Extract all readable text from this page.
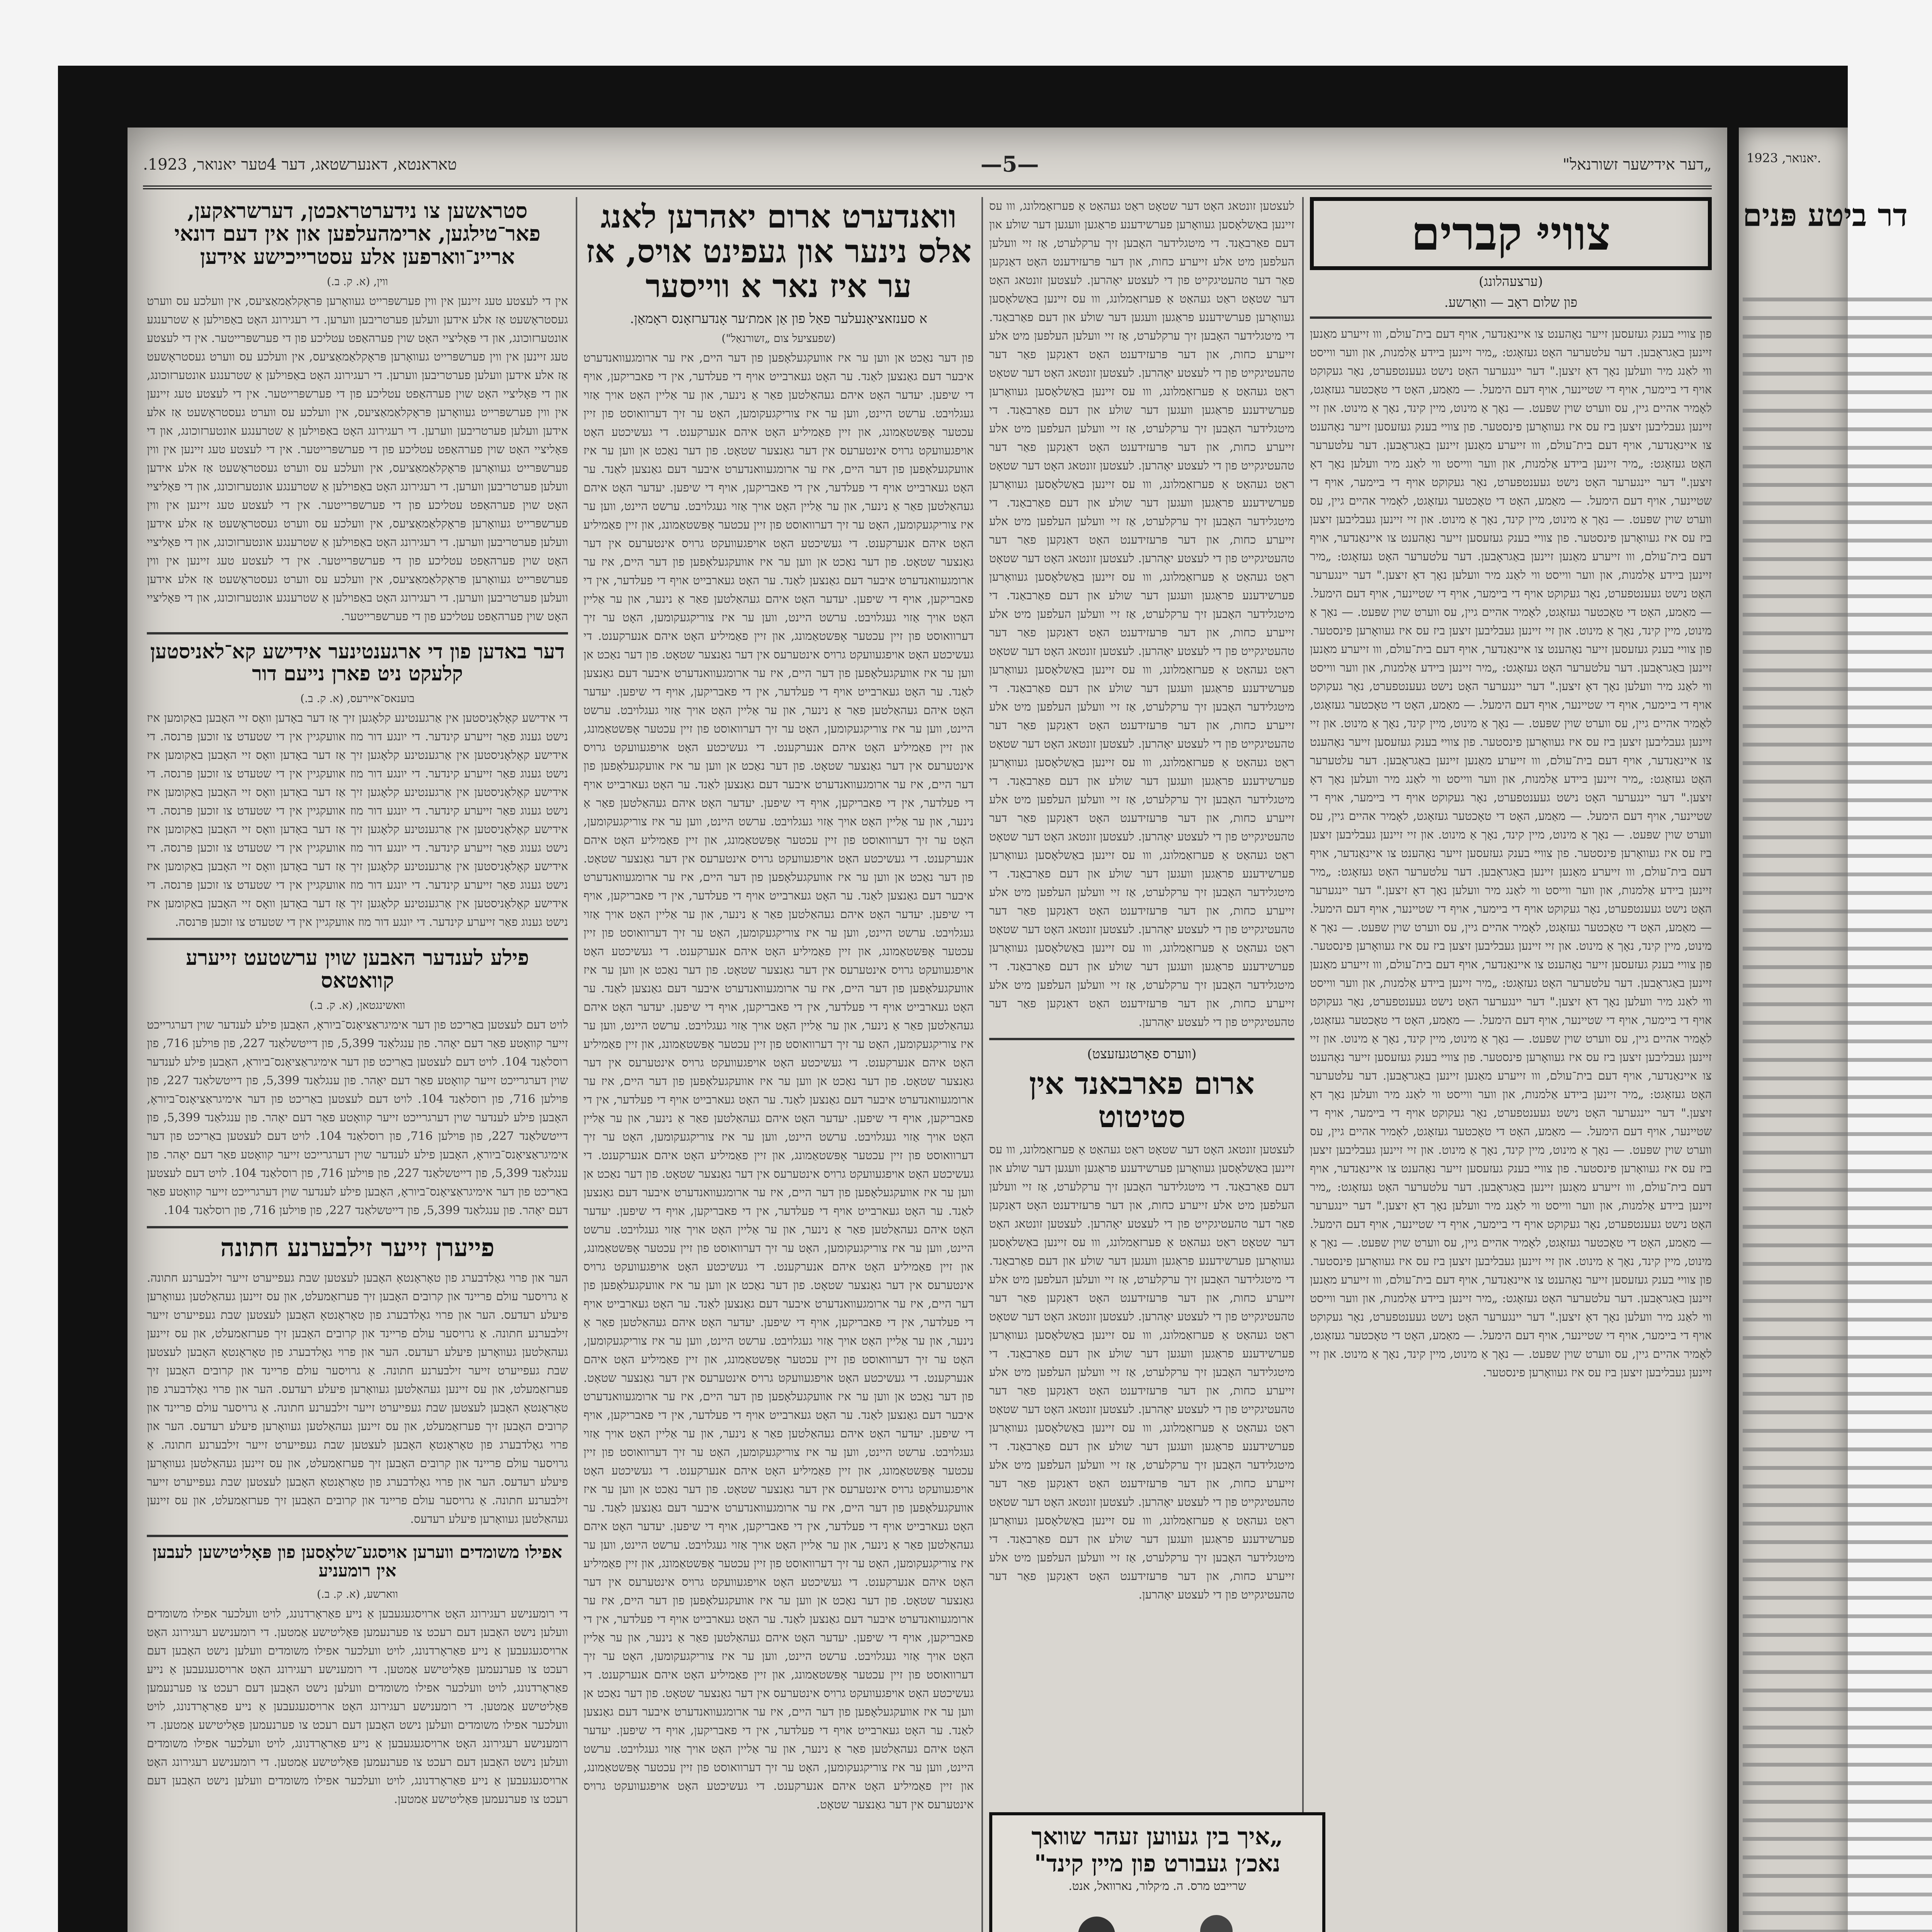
„דער אידישער זשורנאל"
—5—
טאראנטא, דאנערשטאג, דער 4טער יאנואר, 1923.
צווייּ קברים
(ערצעהלונג)
פון שלום ראָב — וואַרשע.
פון צווייּ בענק געזעסען זייער נאָהענט צו איינאַנדער, אויף דעם בית־עולם, ווו זייערע מאַנען זיינען באַגראָבען. דער עלטערער האָט געזאָגט: „מיר זיינען ביידע אַלמנות, און ווער ווייסט ווי לאַנג מיר וועלען נאָך דאָ זיצען." דער יינגערער האָט נישט געענטפערט, נאָר געקוקט אויף די ביימער, אויף די שטיינער, אויף דעם הימעל. — מאַמע, האָט די טאָכטער געזאָגט, לאָמיר אהיים גיין, עס ווערט שוין שפּעט. — נאָך אַ מינוט, מיין קינד, נאָך אַ מינוט. און זיי זיינען געבליבען זיצען ביז עס איז געוואָרען פינסטער. פון צווייּ בענק געזעסען זייער נאָהענט צו איינאַנדער, אויף דעם בית־עולם, ווו זייערע מאַנען זיינען באַגראָבען. דער עלטערער האָט געזאָגט: „מיר זיינען ביידע אַלמנות, און ווער ווייסט ווי לאַנג מיר וועלען נאָך דאָ זיצען." דער יינגערער האָט נישט געענטפערט, נאָר געקוקט אויף די ביימער, אויף די שטיינער, אויף דעם הימעל. — מאַמע, האָט די טאָכטער געזאָגט, לאָמיר אהיים גיין, עס ווערט שוין שפּעט. — נאָך אַ מינוט, מיין קינד, נאָך אַ מינוט. און זיי זיינען געבליבען זיצען ביז עס איז געוואָרען פינסטער. פון צווייּ בענק געזעסען זייער נאָהענט צו איינאַנדער, אויף דעם בית־עולם, ווו זייערע מאַנען זיינען באַגראָבען. דער עלטערער האָט געזאָגט: „מיר זיינען ביידע אַלמנות, און ווער ווייסט ווי לאַנג מיר וועלען נאָך דאָ זיצען." דער יינגערער האָט נישט געענטפערט, נאָר געקוקט אויף די ביימער, אויף די שטיינער, אויף דעם הימעל. — מאַמע, האָט די טאָכטער געזאָגט, לאָמיר אהיים גיין, עס ווערט שוין שפּעט. — נאָך אַ מינוט, מיין קינד, נאָך אַ מינוט. און זיי זיינען געבליבען זיצען ביז עס איז געוואָרען פינסטער. פון צווייּ בענק געזעסען זייער נאָהענט צו איינאַנדער, אויף דעם בית־עולם, ווו זייערע מאַנען זיינען באַגראָבען. דער עלטערער האָט געזאָגט: „מיר זיינען ביידע אַלמנות, און ווער ווייסט ווי לאַנג מיר וועלען נאָך דאָ זיצען." דער יינגערער האָט נישט געענטפערט, נאָר געקוקט אויף די ביימער, אויף די שטיינער, אויף דעם הימעל. — מאַמע, האָט די טאָכטער געזאָגט, לאָמיר אהיים גיין, עס ווערט שוין שפּעט. — נאָך אַ מינוט, מיין קינד, נאָך אַ מינוט. און זיי זיינען געבליבען זיצען ביז עס איז געוואָרען פינסטער. פון צווייּ בענק געזעסען זייער נאָהענט צו איינאַנדער, אויף דעם בית־עולם, ווו זייערע מאַנען זיינען באַגראָבען. דער עלטערער האָט געזאָגט: „מיר זיינען ביידע אַלמנות, און ווער ווייסט ווי לאַנג מיר וועלען נאָך דאָ זיצען." דער יינגערער האָט נישט געענטפערט, נאָר געקוקט אויף די ביימער, אויף די שטיינער, אויף דעם הימעל. — מאַמע, האָט די טאָכטער געזאָגט, לאָמיר אהיים גיין, עס ווערט שוין שפּעט. — נאָך אַ מינוט, מיין קינד, נאָך אַ מינוט. און זיי זיינען געבליבען זיצען ביז עס איז געוואָרען פינסטער. פון צווייּ בענק געזעסען זייער נאָהענט צו איינאַנדער, אויף דעם בית־עולם, ווו זייערע מאַנען זיינען באַגראָבען. דער עלטערער האָט געזאָגט: „מיר זיינען ביידע אַלמנות, און ווער ווייסט ווי לאַנג מיר וועלען נאָך דאָ זיצען." דער יינגערער האָט נישט געענטפערט, נאָר געקוקט אויף די ביימער, אויף די שטיינער, אויף דעם הימעל. — מאַמע, האָט די טאָכטער געזאָגט, לאָמיר אהיים גיין, עס ווערט שוין שפּעט. — נאָך אַ מינוט, מיין קינד, נאָך אַ מינוט. און זיי זיינען געבליבען זיצען ביז עס איז געוואָרען פינסטער. פון צווייּ בענק געזעסען זייער נאָהענט צו איינאַנדער, אויף דעם בית־עולם, ווו זייערע מאַנען זיינען באַגראָבען. דער עלטערער האָט געזאָגט: „מיר זיינען ביידע אַלמנות, און ווער ווייסט ווי לאַנג מיר וועלען נאָך דאָ זיצען." דער יינגערער האָט נישט געענטפערט, נאָר געקוקט אויף די ביימער, אויף די שטיינער, אויף דעם הימעל. — מאַמע, האָט די טאָכטער געזאָגט, לאָמיר אהיים גיין, עס ווערט שוין שפּעט. — נאָך אַ מינוט, מיין קינד, נאָך אַ מינוט. און זיי זיינען געבליבען זיצען ביז עס איז געוואָרען פינסטער. פון צווייּ בענק געזעסען זייער נאָהענט צו איינאַנדער, אויף דעם בית־עולם, ווו זייערע מאַנען זיינען באַגראָבען. דער עלטערער האָט געזאָגט: „מיר זיינען ביידע אַלמנות, און ווער ווייסט ווי לאַנג מיר וועלען נאָך דאָ זיצען." דער יינגערער האָט נישט געענטפערט, נאָר געקוקט אויף די ביימער, אויף די שטיינער, אויף דעם הימעל. — מאַמע, האָט די טאָכטער געזאָגט, לאָמיר אהיים גיין, עס ווערט שוין שפּעט. — נאָך אַ מינוט, מיין קינד, נאָך אַ מינוט. און זיי זיינען געבליבען זיצען ביז עס איז געוואָרען פינסטער. פון צווייּ בענק געזעסען זייער נאָהענט צו איינאַנדער, אויף דעם בית־עולם, ווו זייערע מאַנען זיינען באַגראָבען. דער עלטערער האָט געזאָגט: „מיר זיינען ביידע אַלמנות, און ווער ווייסט ווי לאַנג מיר וועלען נאָך דאָ זיצען." דער יינגערער האָט נישט געענטפערט, נאָר געקוקט אויף די ביימער, אויף די שטיינער, אויף דעם הימעל. — מאַמע, האָט די טאָכטער געזאָגט, לאָמיר אהיים גיין, עס ווערט שוין שפּעט. — נאָך אַ מינוט, מיין קינד, נאָך אַ מינוט. און זיי זיינען געבליבען זיצען ביז עס איז געוואָרען פינסטער. פון צווייּ בענק געזעסען זייער נאָהענט צו איינאַנדער, אויף דעם בית־עולם, ווו זייערע מאַנען זיינען באַגראָבען. דער עלטערער האָט געזאָגט: „מיר זיינען ביידע אַלמנות, און ווער ווייסט ווי לאַנג מיר וועלען נאָך דאָ זיצען." דער יינגערער האָט נישט געענטפערט, נאָר געקוקט אויף די ביימער, אויף די שטיינער, אויף דעם הימעל. — מאַמע, האָט די טאָכטער געזאָגט, לאָמיר אהיים גיין, עס ווערט שוין שפּעט. — נאָך אַ מינוט, מיין קינד, נאָך אַ מינוט. און זיי זיינען געבליבען זיצען ביז עס איז געוואָרען פינסטער.
לעצטען זונטאג האָט דער שטאָט ראַט געהאַט אַ פערזאַמלונג, ווו עס זיינען באַשלאָסען געוואָרען פערשידענע פראַגען וועגען דער שולע און דעם פאַרבאַנד. די מיטגלידער האָבען זיך ערקלערט, אַז זיי וועלען העלפען מיט אלע זייערע כחות, און דער פּרעזידענט האָט דאַנקען פאַר דער טהעטיגקייט פון די לעצטע יאָהרען. לעצטען זונטאג האָט דער שטאָט ראַט געהאַט אַ פערזאַמלונג, ווו עס זיינען באַשלאָסען געוואָרען פערשידענע פראַגען וועגען דער שולע און דעם פאַרבאַנד. די מיטגלידער האָבען זיך ערקלערט, אַז זיי וועלען העלפען מיט אלע זייערע כחות, און דער פּרעזידענט האָט דאַנקען פאַר דער טהעטיגקייט פון די לעצטע יאָהרען. לעצטען זונטאג האָט דער שטאָט ראַט געהאַט אַ פערזאַמלונג, ווו עס זיינען באַשלאָסען געוואָרען פערשידענע פראַגען וועגען דער שולע און דעם פאַרבאַנד. די מיטגלידער האָבען זיך ערקלערט, אַז זיי וועלען העלפען מיט אלע זייערע כחות, און דער פּרעזידענט האָט דאַנקען פאַר דער טהעטיגקייט פון די לעצטע יאָהרען. לעצטען זונטאג האָט דער שטאָט ראַט געהאַט אַ פערזאַמלונג, ווו עס זיינען באַשלאָסען געוואָרען פערשידענע פראַגען וועגען דער שולע און דעם פאַרבאַנד. די מיטגלידער האָבען זיך ערקלערט, אַז זיי וועלען העלפען מיט אלע זייערע כחות, און דער פּרעזידענט האָט דאַנקען פאַר דער טהעטיגקייט פון די לעצטע יאָהרען. לעצטען זונטאג האָט דער שטאָט ראַט געהאַט אַ פערזאַמלונג, ווו עס זיינען באַשלאָסען געוואָרען פערשידענע פראַגען וועגען דער שולע און דעם פאַרבאַנד. די מיטגלידער האָבען זיך ערקלערט, אַז זיי וועלען העלפען מיט אלע זייערע כחות, און דער פּרעזידענט האָט דאַנקען פאַר דער טהעטיגקייט פון די לעצטע יאָהרען. לעצטען זונטאג האָט דער שטאָט ראַט געהאַט אַ פערזאַמלונג, ווו עס זיינען באַשלאָסען געוואָרען פערשידענע פראַגען וועגען דער שולע און דעם פאַרבאַנד. די מיטגלידער האָבען זיך ערקלערט, אַז זיי וועלען העלפען מיט אלע זייערע כחות, און דער פּרעזידענט האָט דאַנקען פאַר דער טהעטיגקייט פון די לעצטע יאָהרען. לעצטען זונטאג האָט דער שטאָט ראַט געהאַט אַ פערזאַמלונג, ווו עס זיינען באַשלאָסען געוואָרען פערשידענע פראַגען וועגען דער שולע און דעם פאַרבאַנד. די מיטגלידער האָבען זיך ערקלערט, אַז זיי וועלען העלפען מיט אלע זייערע כחות, און דער פּרעזידענט האָט דאַנקען פאַר דער טהעטיגקייט פון די לעצטע יאָהרען. לעצטען זונטאג האָט דער שטאָט ראַט געהאַט אַ פערזאַמלונג, ווו עס זיינען באַשלאָסען געוואָרען פערשידענע פראַגען וועגען דער שולע און דעם פאַרבאַנד. די מיטגלידער האָבען זיך ערקלערט, אַז זיי וועלען העלפען מיט אלע זייערע כחות, און דער פּרעזידענט האָט דאַנקען פאַר דער טהעטיגקייט פון די לעצטע יאָהרען. לעצטען זונטאג האָט דער שטאָט ראַט געהאַט אַ פערזאַמלונג, ווו עס זיינען באַשלאָסען געוואָרען פערשידענע פראַגען וועגען דער שולע און דעם פאַרבאַנד. די מיטגלידער האָבען זיך ערקלערט, אַז זיי וועלען העלפען מיט אלע זייערע כחות, און דער פּרעזידענט האָט דאַנקען פאַר דער טהעטיגקייט פון די לעצטע יאָהרען.
(ווערס פאָרטגעזעצט)
ארום פארבאנד אין סטיטוט
לעצטען זונטאג האָט דער שטאָט ראַט געהאַט אַ פערזאַמלונג, ווו עס זיינען באַשלאָסען געוואָרען פערשידענע פראַגען וועגען דער שולע און דעם פאַרבאַנד. די מיטגלידער האָבען זיך ערקלערט, אַז זיי וועלען העלפען מיט אלע זייערע כחות, און דער פּרעזידענט האָט דאַנקען פאַר דער טהעטיגקייט פון די לעצטע יאָהרען. לעצטען זונטאג האָט דער שטאָט ראַט געהאַט אַ פערזאַמלונג, ווו עס זיינען באַשלאָסען געוואָרען פערשידענע פראַגען וועגען דער שולע און דעם פאַרבאַנד. די מיטגלידער האָבען זיך ערקלערט, אַז זיי וועלען העלפען מיט אלע זייערע כחות, און דער פּרעזידענט האָט דאַנקען פאַר דער טהעטיגקייט פון די לעצטע יאָהרען. לעצטען זונטאג האָט דער שטאָט ראַט געהאַט אַ פערזאַמלונג, ווו עס זיינען באַשלאָסען געוואָרען פערשידענע פראַגען וועגען דער שולע און דעם פאַרבאַנד. די מיטגלידער האָבען זיך ערקלערט, אַז זיי וועלען העלפען מיט אלע זייערע כחות, און דער פּרעזידענט האָט דאַנקען פאַר דער טהעטיגקייט פון די לעצטע יאָהרען. לעצטען זונטאג האָט דער שטאָט ראַט געהאַט אַ פערזאַמלונג, ווו עס זיינען באַשלאָסען געוואָרען פערשידענע פראַגען וועגען דער שולע און דעם פאַרבאַנד. די מיטגלידער האָבען זיך ערקלערט, אַז זיי וועלען העלפען מיט אלע זייערע כחות, און דער פּרעזידענט האָט דאַנקען פאַר דער טהעטיגקייט פון די לעצטע יאָהרען. לעצטען זונטאג האָט דער שטאָט ראַט געהאַט אַ פערזאַמלונג, ווו עס זיינען באַשלאָסען געוואָרען פערשידענע פראַגען וועגען דער שולע און דעם פאַרבאַנד. די מיטגלידער האָבען זיך ערקלערט, אַז זיי וועלען העלפען מיט אלע זייערע כחות, און דער פּרעזידענט האָט דאַנקען פאַר דער טהעטיגקייט פון די לעצטע יאָהרען.
וואנדערט ארום יאהרען לאנג אלס נינער און געפינט אויס, אז ער איז נאר א ווייסער
א סענזאציאָנעלער פאַל פון אַן אמת׳ער אָנדערזאָנס ראָמאַן.
(שפעציעל צום „זשורנאַל")
פון דער נאַכט אן ווען ער איז אוועקגעלאָפען פון דער היים, איז ער ארומגעוואנדערט איבער דעם גאַנצען לאַנד. ער האָט געארבייט אויף די פעלדער, אין די פאבריקען, אויף די שיפען. יעדער האָט איהם געהאַלטען פאַר אַ נינער, און ער אַליין האָט אויך אַזוי געגלויבט. ערשט היינט, ווען ער איז צוריקגעקומען, האָט ער זיך דערוואוסט פון זיין עכטער אָפּשטאַמונג, און זיין פאַמיליע האָט איהם אנערקענט. די געשיכטע האָט אויפגעוועקט גרויס אינטערעס אין דער גאַנצער שטאָט. פון דער נאַכט אן ווען ער איז אוועקגעלאָפען פון דער היים, איז ער ארומגעוואנדערט איבער דעם גאַנצען לאַנד. ער האָט געארבייט אויף די פעלדער, אין די פאבריקען, אויף די שיפען. יעדער האָט איהם געהאַלטען פאַר אַ נינער, און ער אַליין האָט אויך אַזוי געגלויבט. ערשט היינט, ווען ער איז צוריקגעקומען, האָט ער זיך דערוואוסט פון זיין עכטער אָפּשטאַמונג, און זיין פאַמיליע האָט איהם אנערקענט. די געשיכטע האָט אויפגעוועקט גרויס אינטערעס אין דער גאַנצער שטאָט. פון דער נאַכט אן ווען ער איז אוועקגעלאָפען פון דער היים, איז ער ארומגעוואנדערט איבער דעם גאַנצען לאַנד. ער האָט געארבייט אויף די פעלדער, אין די פאבריקען, אויף די שיפען. יעדער האָט איהם געהאַלטען פאַר אַ נינער, און ער אַליין האָט אויך אַזוי געגלויבט. ערשט היינט, ווען ער איז צוריקגעקומען, האָט ער זיך דערוואוסט פון זיין עכטער אָפּשטאַמונג, און זיין פאַמיליע האָט איהם אנערקענט. די געשיכטע האָט אויפגעוועקט גרויס אינטערעס אין דער גאַנצער שטאָט. פון דער נאַכט אן ווען ער איז אוועקגעלאָפען פון דער היים, איז ער ארומגעוואנדערט איבער דעם גאַנצען לאַנד. ער האָט געארבייט אויף די פעלדער, אין די פאבריקען, אויף די שיפען. יעדער האָט איהם געהאַלטען פאַר אַ נינער, און ער אַליין האָט אויך אַזוי געגלויבט. ערשט היינט, ווען ער איז צוריקגעקומען, האָט ער זיך דערוואוסט פון זיין עכטער אָפּשטאַמונג, און זיין פאַמיליע האָט איהם אנערקענט. די געשיכטע האָט אויפגעוועקט גרויס אינטערעס אין דער גאַנצער שטאָט. פון דער נאַכט אן ווען ער איז אוועקגעלאָפען פון דער היים, איז ער ארומגעוואנדערט איבער דעם גאַנצען לאַנד. ער האָט געארבייט אויף די פעלדער, אין די פאבריקען, אויף די שיפען. יעדער האָט איהם געהאַלטען פאַר אַ נינער, און ער אַליין האָט אויך אַזוי געגלויבט. ערשט היינט, ווען ער איז צוריקגעקומען, האָט ער זיך דערוואוסט פון זיין עכטער אָפּשטאַמונג, און זיין פאַמיליע האָט איהם אנערקענט. די געשיכטע האָט אויפגעוועקט גרויס אינטערעס אין דער גאַנצער שטאָט. פון דער נאַכט אן ווען ער איז אוועקגעלאָפען פון דער היים, איז ער ארומגעוואנדערט איבער דעם גאַנצען לאַנד. ער האָט געארבייט אויף די פעלדער, אין די פאבריקען, אויף די שיפען. יעדער האָט איהם געהאַלטען פאַר אַ נינער, און ער אַליין האָט אויך אַזוי געגלויבט. ערשט היינט, ווען ער איז צוריקגעקומען, האָט ער זיך דערוואוסט פון זיין עכטער אָפּשטאַמונג, און זיין פאַמיליע האָט איהם אנערקענט. די געשיכטע האָט אויפגעוועקט גרויס אינטערעס אין דער גאַנצער שטאָט. פון דער נאַכט אן ווען ער איז אוועקגעלאָפען פון דער היים, איז ער ארומגעוואנדערט איבער דעם גאַנצען לאַנד. ער האָט געארבייט אויף די פעלדער, אין די פאבריקען, אויף די שיפען. יעדער האָט איהם געהאַלטען פאַר אַ נינער, און ער אַליין האָט אויך אַזוי געגלויבט. ערשט היינט, ווען ער איז צוריקגעקומען, האָט ער זיך דערוואוסט פון זיין עכטער אָפּשטאַמונג, און זיין פאַמיליע האָט איהם אנערקענט. די געשיכטע האָט אויפגעוועקט גרויס אינטערעס אין דער גאַנצער שטאָט. פון דער נאַכט אן ווען ער איז אוועקגעלאָפען פון דער היים, איז ער ארומגעוואנדערט איבער דעם גאַנצען לאַנד. ער האָט געארבייט אויף די פעלדער, אין די פאבריקען, אויף די שיפען. יעדער האָט איהם געהאַלטען פאַר אַ נינער, און ער אַליין האָט אויך אַזוי געגלויבט. ערשט היינט, ווען ער איז צוריקגעקומען, האָט ער זיך דערוואוסט פון זיין עכטער אָפּשטאַמונג, און זיין פאַמיליע האָט איהם אנערקענט. די געשיכטע האָט אויפגעוועקט גרויס אינטערעס אין דער גאַנצער שטאָט. פון דער נאַכט אן ווען ער איז אוועקגעלאָפען פון דער היים, איז ער ארומגעוואנדערט איבער דעם גאַנצען לאַנד. ער האָט געארבייט אויף די פעלדער, אין די פאבריקען, אויף די שיפען. יעדער האָט איהם געהאַלטען פאַר אַ נינער, און ער אַליין האָט אויך אַזוי געגלויבט. ערשט היינט, ווען ער איז צוריקגעקומען, האָט ער זיך דערוואוסט פון זיין עכטער אָפּשטאַמונג, און זיין פאַמיליע האָט איהם אנערקענט. די געשיכטע האָט אויפגעוועקט גרויס אינטערעס אין דער גאַנצער שטאָט. פון דער נאַכט אן ווען ער איז אוועקגעלאָפען פון דער היים, איז ער ארומגעוואנדערט איבער דעם גאַנצען לאַנד. ער האָט געארבייט אויף די פעלדער, אין די פאבריקען, אויף די שיפען. יעדער האָט איהם געהאַלטען פאַר אַ נינער, און ער אַליין האָט אויך אַזוי געגלויבט. ערשט היינט, ווען ער איז צוריקגעקומען, האָט ער זיך דערוואוסט פון זיין עכטער אָפּשטאַמונג, און זיין פאַמיליע האָט איהם אנערקענט. די געשיכטע האָט אויפגעוועקט גרויס אינטערעס אין דער גאַנצער שטאָט. פון דער נאַכט אן ווען ער איז אוועקגעלאָפען פון דער היים, איז ער ארומגעוואנדערט איבער דעם גאַנצען לאַנד. ער האָט געארבייט אויף די פעלדער, אין די פאבריקען, אויף די שיפען. יעדער האָט איהם געהאַלטען פאַר אַ נינער, און ער אַליין האָט אויך אַזוי געגלויבט. ערשט היינט, ווען ער איז צוריקגעקומען, האָט ער זיך דערוואוסט פון זיין עכטער אָפּשטאַמונג, און זיין פאַמיליע האָט איהם אנערקענט. די געשיכטע האָט אויפגעוועקט גרויס אינטערעס אין דער גאַנצער שטאָט. פון דער נאַכט אן ווען ער איז אוועקגעלאָפען פון דער היים, איז ער ארומגעוואנדערט איבער דעם גאַנצען לאַנד. ער האָט געארבייט אויף די פעלדער, אין די פאבריקען, אויף די שיפען. יעדער האָט איהם געהאַלטען פאַר אַ נינער, און ער אַליין האָט אויך אַזוי געגלויבט. ערשט היינט, ווען ער איז צוריקגעקומען, האָט ער זיך דערוואוסט פון זיין עכטער אָפּשטאַמונג, און זיין פאַמיליע האָט איהם אנערקענט. די געשיכטע האָט אויפגעוועקט גרויס אינטערעס אין דער גאַנצער שטאָט. פון דער נאַכט אן ווען ער איז אוועקגעלאָפען פון דער היים, איז ער ארומגעוואנדערט איבער דעם גאַנצען לאַנד. ער האָט געארבייט אויף די פעלדער, אין די פאבריקען, אויף די שיפען. יעדער האָט איהם געהאַלטען פאַר אַ נינער, און ער אַליין האָט אויך אַזוי געגלויבט. ערשט היינט, ווען ער איז צוריקגעקומען, האָט ער זיך דערוואוסט פון זיין עכטער אָפּשטאַמונג, און זיין פאַמיליע האָט איהם אנערקענט. די געשיכטע האָט אויפגעוועקט גרויס אינטערעס אין דער גאַנצער שטאָט. פון דער נאַכט אן ווען ער איז אוועקגעלאָפען פון דער היים, איז ער ארומגעוואנדערט איבער דעם גאַנצען לאַנד. ער האָט געארבייט אויף די פעלדער, אין די פאבריקען, אויף די שיפען. יעדער האָט איהם געהאַלטען פאַר אַ נינער, און ער אַליין האָט אויך אַזוי געגלויבט. ערשט היינט, ווען ער איז צוריקגעקומען, האָט ער זיך דערוואוסט פון זיין עכטער אָפּשטאַמונג, און זיין פאַמיליע האָט איהם אנערקענט. די געשיכטע האָט אויפגעוועקט גרויס אינטערעס אין דער גאַנצער שטאָט.
סטראשען צו נידערטראכטן, דערשראקען, פאר־טילגען, ארימהעלפען און אין דעם דונאי אריינ־ווארפען אלע עסטרייכישע אידען
ווין, (א. ק. ב.)
אין די לעצטע טעג זיינען אין ווין פערשפּרייט געוואָרען פּראָקלאַמאַציעס, אין וועלכע עס ווערט געסטראָשעט אַז אלע אידען וועלען פערטריבען ווערען. די רעגירונג האָט באַפוילען אַ שטרענגע אונטערזוכונג, און די פּאָליציי האָט שוין פערהאַפט עטליכע פון די פערשפּרייטער. אין די לעצטע טעג זיינען אין ווין פערשפּרייט געוואָרען פּראָקלאַמאַציעס, אין וועלכע עס ווערט געסטראָשעט אַז אלע אידען וועלען פערטריבען ווערען. די רעגירונג האָט באַפוילען אַ שטרענגע אונטערזוכונג, און די פּאָליציי האָט שוין פערהאַפט עטליכע פון די פערשפּרייטער. אין די לעצטע טעג זיינען אין ווין פערשפּרייט געוואָרען פּראָקלאַמאַציעס, אין וועלכע עס ווערט געסטראָשעט אַז אלע אידען וועלען פערטריבען ווערען. די רעגירונג האָט באַפוילען אַ שטרענגע אונטערזוכונג, און די פּאָליציי האָט שוין פערהאַפט עטליכע פון די פערשפּרייטער. אין די לעצטע טעג זיינען אין ווין פערשפּרייט געוואָרען פּראָקלאַמאַציעס, אין וועלכע עס ווערט געסטראָשעט אַז אלע אידען וועלען פערטריבען ווערען. די רעגירונג האָט באַפוילען אַ שטרענגע אונטערזוכונג, און די פּאָליציי האָט שוין פערהאַפט עטליכע פון די פערשפּרייטער. אין די לעצטע טעג זיינען אין ווין פערשפּרייט געוואָרען פּראָקלאַמאַציעס, אין וועלכע עס ווערט געסטראָשעט אַז אלע אידען וועלען פערטריבען ווערען. די רעגירונג האָט באַפוילען אַ שטרענגע אונטערזוכונג, און די פּאָליציי האָט שוין פערהאַפט עטליכע פון די פערשפּרייטער. אין די לעצטע טעג זיינען אין ווין פערשפּרייט געוואָרען פּראָקלאַמאַציעס, אין וועלכע עס ווערט געסטראָשעט אַז אלע אידען וועלען פערטריבען ווערען. די רעגירונג האָט באַפוילען אַ שטרענגע אונטערזוכונג, און די פּאָליציי האָט שוין פערהאַפט עטליכע פון די פערשפּרייטער.
דער באדען פון די ארגענטינער אידישע קא־לאניסטען קלעקט ניט פארן נייעם דור
בוענאס־איירעס, (א. ק. ב.)
די אידישע קאָלאָניסטען אין אַרגענטינע קלאָגען זיך אַז דער באָדען וואָס זיי האָבען באַקומען איז נישט גענוג פאַר זייערע קינדער. די יונגע דור מוז אוועקגיין אין די שטעדט צו זוכען פּרנסה. די אידישע קאָלאָניסטען אין אַרגענטינע קלאָגען זיך אַז דער באָדען וואָס זיי האָבען באַקומען איז נישט גענוג פאַר זייערע קינדער. די יונגע דור מוז אוועקגיין אין די שטעדט צו זוכען פּרנסה. די אידישע קאָלאָניסטען אין אַרגענטינע קלאָגען זיך אַז דער באָדען וואָס זיי האָבען באַקומען איז נישט גענוג פאַר זייערע קינדער. די יונגע דור מוז אוועקגיין אין די שטעדט צו זוכען פּרנסה. די אידישע קאָלאָניסטען אין אַרגענטינע קלאָגען זיך אַז דער באָדען וואָס זיי האָבען באַקומען איז נישט גענוג פאַר זייערע קינדער. די יונגע דור מוז אוועקגיין אין די שטעדט צו זוכען פּרנסה. די אידישע קאָלאָניסטען אין אַרגענטינע קלאָגען זיך אַז דער באָדען וואָס זיי האָבען באַקומען איז נישט גענוג פאַר זייערע קינדער. די יונגע דור מוז אוועקגיין אין די שטעדט צו זוכען פּרנסה. די אידישע קאָלאָניסטען אין אַרגענטינע קלאָגען זיך אַז דער באָדען וואָס זיי האָבען באַקומען איז נישט גענוג פאַר זייערע קינדער. די יונגע דור מוז אוועקגיין אין די שטעדט צו זוכען פּרנסה.
פילע לענדער האבען שוין ערשטעט זייערע קוואטאס
וואשינגטאן, (א. ק. ב.)
לויט דעם לעצטען באַריכט פון דער אימיגראַציאָנס־ביוראָ, האָבען פילע לענדער שוין דערגרייכט זייער קוואָטע פאַר דעם יאָהר. פון ענגלאַנד 5,399, פון דייטשלאַנד 227, פון פּוילען 716, פון רוסלאַנד 104. לויט דעם לעצטען באַריכט פון דער אימיגראַציאָנס־ביוראָ, האָבען פילע לענדער שוין דערגרייכט זייער קוואָטע פאַר דעם יאָהר. פון ענגלאַנד 5,399, פון דייטשלאַנד 227, פון פּוילען 716, פון רוסלאַנד 104. לויט דעם לעצטען באַריכט פון דער אימיגראַציאָנס־ביוראָ, האָבען פילע לענדער שוין דערגרייכט זייער קוואָטע פאַר דעם יאָהר. פון ענגלאַנד 5,399, פון דייטשלאַנד 227, פון פּוילען 716, פון רוסלאַנד 104. לויט דעם לעצטען באַריכט פון דער אימיגראַציאָנס־ביוראָ, האָבען פילע לענדער שוין דערגרייכט זייער קוואָטע פאַר דעם יאָהר. פון ענגלאַנד 5,399, פון דייטשלאַנד 227, פון פּוילען 716, פון רוסלאַנד 104. לויט דעם לעצטען באַריכט פון דער אימיגראַציאָנס־ביוראָ, האָבען פילע לענדער שוין דערגרייכט זייער קוואָטע פאַר דעם יאָהר. פון ענגלאַנד 5,399, פון דייטשלאַנד 227, פון פּוילען 716, פון רוסלאַנד 104.
פייערן זייער זילבערנע חתונה
הער און פרוי גאָלדבערג פון טאָראָנטאָ האָבען לעצטען שבת געפייערט זייער זילבערנע חתונה. אַ גרויסער עולם פריינד און קרובים האָבען זיך פערזאַמעלט, און עס זיינען געהאַלטען געוואָרען פיעלע רעדעס. הער און פרוי גאָלדבערג פון טאָראָנטאָ האָבען לעצטען שבת געפייערט זייער זילבערנע חתונה. אַ גרויסער עולם פריינד און קרובים האָבען זיך פערזאַמעלט, און עס זיינען געהאַלטען געוואָרען פיעלע רעדעס. הער און פרוי גאָלדבערג פון טאָראָנטאָ האָבען לעצטען שבת געפייערט זייער זילבערנע חתונה. אַ גרויסער עולם פריינד און קרובים האָבען זיך פערזאַמעלט, און עס זיינען געהאַלטען געוואָרען פיעלע רעדעס. הער און פרוי גאָלדבערג פון טאָראָנטאָ האָבען לעצטען שבת געפייערט זייער זילבערנע חתונה. אַ גרויסער עולם פריינד און קרובים האָבען זיך פערזאַמעלט, און עס זיינען געהאַלטען געוואָרען פיעלע רעדעס. הער און פרוי גאָלדבערג פון טאָראָנטאָ האָבען לעצטען שבת געפייערט זייער זילבערנע חתונה. אַ גרויסער עולם פריינד און קרובים האָבען זיך פערזאַמעלט, און עס זיינען געהאַלטען געוואָרען פיעלע רעדעס. הער און פרוי גאָלדבערג פון טאָראָנטאָ האָבען לעצטען שבת געפייערט זייער זילבערנע חתונה. אַ גרויסער עולם פריינד און קרובים האָבען זיך פערזאַמעלט, און עס זיינען געהאַלטען געוואָרען פיעלע רעדעס.
אפילו משומדים ווערען אויסגע־שלאָסען פון פּאָליטישען לעבען אין רומעניע
ווארשע, (א. ק. ב.)
די רומענישע רעגירונג האָט ארויסגעגעבען אַ נייע פאַראָרדנונג, לויט וועלכער אפילו משומדים וועלען נישט האָבען דעם רעכט צו פערנעמען פּאָליטישע אַמטען. די רומענישע רעגירונג האָט ארויסגעגעבען אַ נייע פאַראָרדנונג, לויט וועלכער אפילו משומדים וועלען נישט האָבען דעם רעכט צו פערנעמען פּאָליטישע אַמטען. די רומענישע רעגירונג האָט ארויסגעגעבען אַ נייע פאַראָרדנונג, לויט וועלכער אפילו משומדים וועלען נישט האָבען דעם רעכט צו פערנעמען פּאָליטישע אַמטען. די רומענישע רעגירונג האָט ארויסגעגעבען אַ נייע פאַראָרדנונג, לויט וועלכער אפילו משומדים וועלען נישט האָבען דעם רעכט צו פערנעמען פּאָליטישע אַמטען. די רומענישע רעגירונג האָט ארויסגעגעבען אַ נייע פאַראָרדנונג, לויט וועלכער אפילו משומדים וועלען נישט האָבען דעם רעכט צו פערנעמען פּאָליטישע אַמטען. די רומענישע רעגירונג האָט ארויסגעגעבען אַ נייע פאַראָרדנונג, לויט וועלכער אפילו משומדים וועלען נישט האָבען דעם רעכט צו פערנעמען פּאָליטישע אַמטען.
„איך בין געווען זעהר שוואך
נאכ׳ן געבורט פון מיין קינד"
שרייבט מרס. ה. מ׳קלור, נארוואל, אנט.
יאנואר, 1923.
דר ביטע פּנים
